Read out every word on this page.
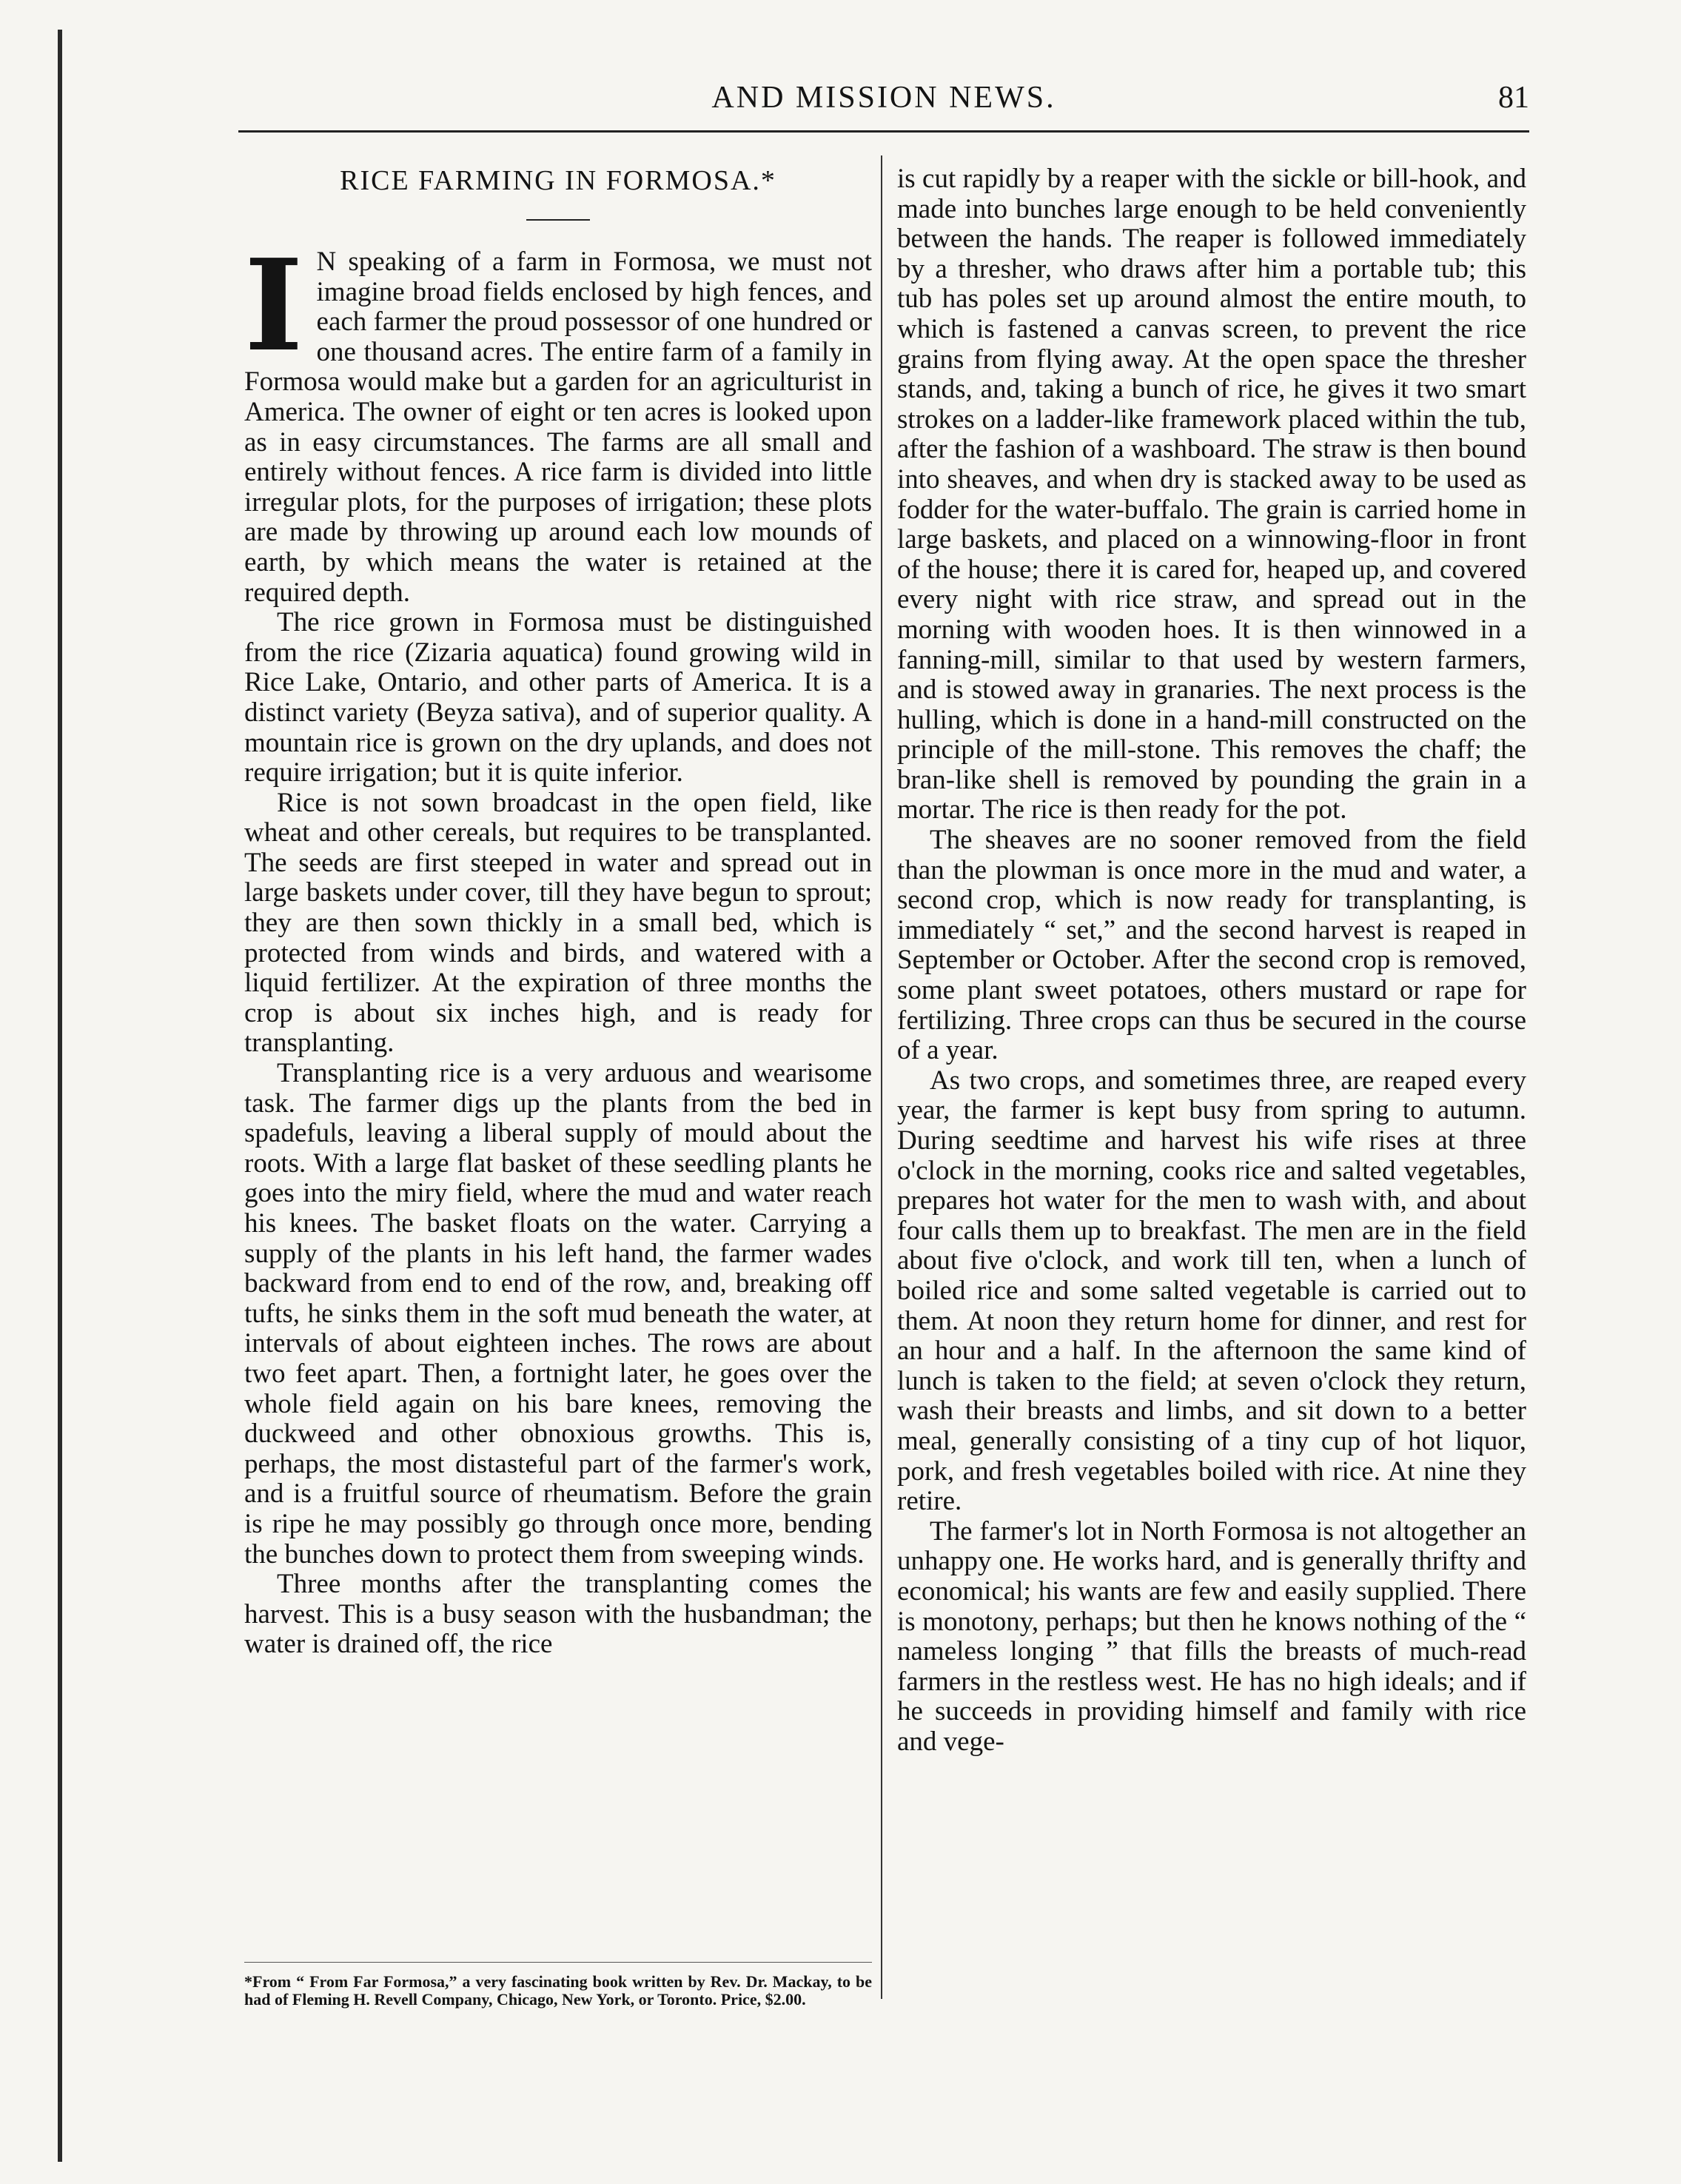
AND MISSION NEWS.	81
RICE FARMING IN FORMOSA.*

I N speaking of a farm in Formosa, we must not imagine broad fields enclosed by high fences, and each farmer the proud possessor of one hundred or one thousand acres. The entire farm of a family in Formosa would make but a garden for an agriculturist in America. The owner of eight or ten acres is looked upon as in easy circumstances. The farms are all small and entirely without fences. A rice farm is divided into little irregular plots, for the purposes of irrigation; these plots are made by throwing up around each low mounds of earth, by which means the water is retained at the required depth.

The rice grown in Formosa must be distinguished from the rice (Zizaria aquatica) found growing wild in Rice Lake, Ontario, and other parts of America. It is a distinct variety (Beyza sativa), and of superior quality. A mountain rice is grown on the dry uplands, and does not require irrigation; but it is quite inferior.

Rice is not sown broadcast in the open field, like wheat and other cereals, but requires to be transplanted. The seeds are first steeped in water and spread out in large baskets under cover, till they have begun to sprout; they are then sown thickly in a small bed, which is protected from winds and birds, and watered with a liquid fertilizer. At the expiration of three months the crop is about six inches high, and is ready for transplanting.

Transplanting rice is a very arduous and wearisome task. The farmer digs up the plants from the bed in spadefuls, leaving a liberal supply of mould about the roots. With a large flat basket of these seedling plants he goes into the miry field, where the mud and water reach his knees. The basket floats on the water. Carrying a supply of the plants in his left hand, the farmer wades backward from end to end of the row, and, breaking off tufts, he sinks them in the soft mud beneath the water, at intervals of about eighteen inches. The rows are about two feet apart. Then, a fortnight later, he goes over the whole field again on his bare knees, removing the duckweed and other obnoxious growths. This is, perhaps, the most distasteful part of the farmer's work, and is a fruitful source of rheumatism. Before the grain is ripe he may possibly go through once more, bending the bunches down to protect them from sweeping winds.

Three months after the transplanting comes the harvest. This is a busy season with the husbandman; the water is drained off, the rice

*From “ From Far Formosa,” a very fascinating book written by Rev. Dr. Mackay, to be had of Fleming H. Revell Company, Chicago, New York, or Toronto. Price, $2.00.

is cut rapidly by a reaper with the sickle or bill-hook, and made into bunches large enough to be held conveniently between the hands. The reaper is followed immediately by a thresher, who draws after him a portable tub; this tub has poles set up around almost the entire mouth, to which is fastened a canvas screen, to prevent the rice grains from flying away. At the open space the thresher stands, and, taking a bunch of rice, he gives it two smart strokes on a ladder-like framework placed within the tub, after the fashion of a washboard. The straw is then bound into sheaves, and when dry is stacked away to be used as fodder for the water-buffalo. The grain is carried home in large baskets, and placed on a winnowing-floor in front of the house; there it is cared for, heaped up, and covered every night with rice straw, and spread out in the morning with wooden hoes. It is then winnowed in a fanning-mill, similar to that used by western farmers, and is stowed away in granaries. The next process is the hulling, which is done in a hand-mill constructed on the principle of the mill-stone. This removes the chaff; the bran-like shell is removed by pounding the grain in a mortar. The rice is then ready for the pot.

The sheaves are no sooner removed from the field than the plowman is once more in the mud and water, a second crop, which is now ready for transplanting, is immediately “ set,” and the second harvest is reaped in September or October. After the second crop is removed, some plant sweet potatoes, others mustard or rape for fertilizing. Three crops can thus be secured in the course of a year.

As two crops, and sometimes three, are reaped every year, the farmer is kept busy from spring to autumn. During seedtime and harvest his wife rises at three o'clock in the morning, cooks rice and salted vegetables, prepares hot water for the men to wash with, and about four calls them up to breakfast. The men are in the field about five o'clock, and work till ten, when a lunch of boiled rice and some salted vegetable is carried out to them. At noon they return home for dinner, and rest for an hour and a half. In the afternoon the same kind of lunch is taken to the field; at seven o'clock they return, wash their breasts and limbs, and sit down to a better meal, generally consisting of a tiny cup of hot liquor, pork, and fresh vegetables boiled with rice. At nine they retire.

The farmer's lot in North Formosa is not altogether an unhappy one. He works hard, and is generally thrifty and economical; his wants are few and easily supplied. There is monotony, perhaps; but then he knows nothing of the “ nameless longing ” that fills the breasts of much-read farmers in the restless west. He has no high ideals; and if he succeeds in providing himself and family with rice and vege-
